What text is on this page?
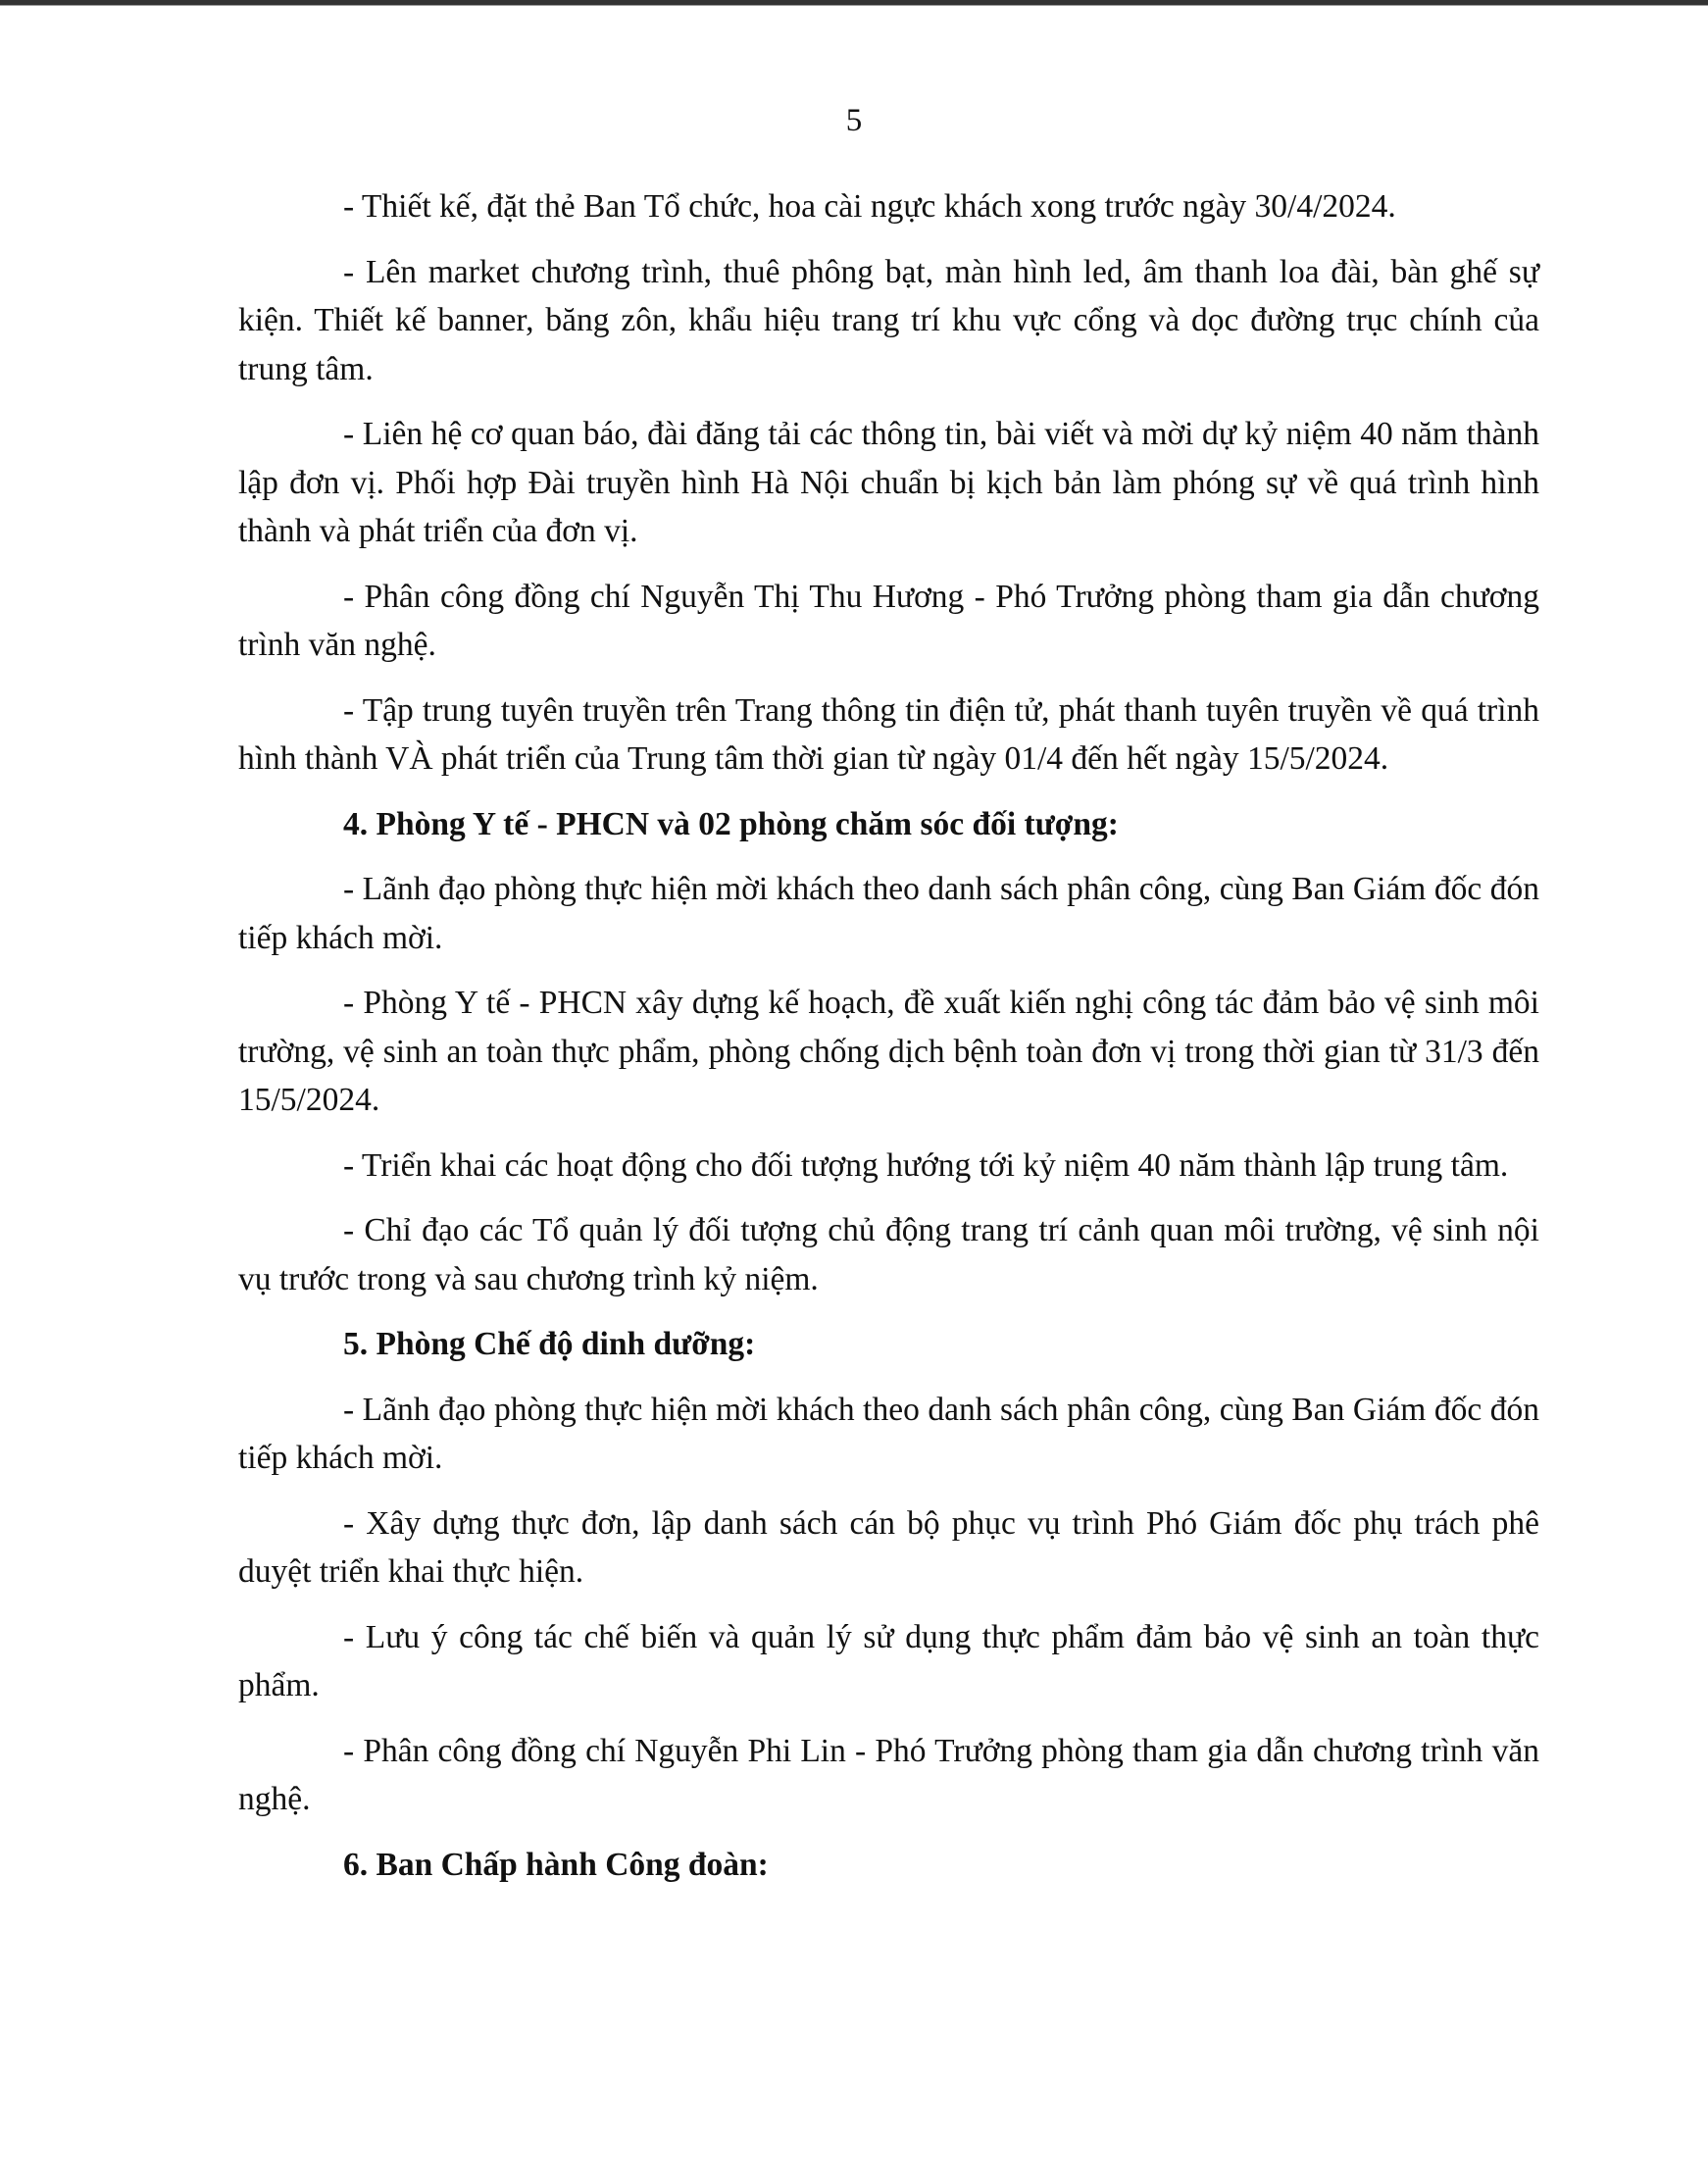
5

- Thiết kế, đặt thẻ Ban Tổ chức, hoa cài ngực khách xong trước ngày 30/4/2024.

- Lên market chương trình, thuê phông bạt, màn hình led, âm thanh loa đài, bàn ghế sự kiện. Thiết kế banner, băng zôn, khẩu hiệu trang trí khu vực cổng và dọc đường trục chính của trung tâm.

- Liên hệ cơ quan báo, đài đăng tải các thông tin, bài viết và mời dự kỷ niệm 40 năm thành lập đơn vị. Phối hợp Đài truyền hình Hà Nội chuẩn bị kịch bản làm phóng sự về quá trình hình thành và phát triển của đơn vị.

- Phân công đồng chí Nguyễn Thị Thu Hương - Phó Trưởng phòng tham gia dẫn chương trình văn nghệ.

- Tập trung tuyên truyền trên Trang thông tin điện tử, phát thanh tuyên truyền về quá trình hình thành VÀ phát triển của Trung tâm thời gian từ ngày 01/4 đến hết ngày 15/5/2024.

4. Phòng Y tế - PHCN và 02 phòng chăm sóc đối tượng:

- Lãnh đạo phòng thực hiện mời khách theo danh sách phân công, cùng Ban Giám đốc đón tiếp khách mời.

- Phòng Y tế - PHCN xây dựng kế hoạch, đề xuất kiến nghị công tác đảm bảo vệ sinh môi trường, vệ sinh an toàn thực phẩm, phòng chống dịch bệnh toàn đơn vị trong thời gian từ 31/3 đến 15/5/2024.

- Triển khai các hoạt động cho đối tượng hướng tới kỷ niệm 40 năm thành lập trung tâm.

- Chỉ đạo các Tổ quản lý đối tượng chủ động trang trí cảnh quan môi trường, vệ sinh nội vụ trước trong và sau chương trình kỷ niệm.

5. Phòng Chế độ dinh dưỡng:

- Lãnh đạo phòng thực hiện mời khách theo danh sách phân công, cùng Ban Giám đốc đón tiếp khách mời.

- Xây dựng thực đơn, lập danh sách cán bộ phục vụ trình Phó Giám đốc phụ trách phê duyệt triển khai thực hiện.

- Lưu ý công tác chế biến và quản lý sử dụng thực phẩm đảm bảo vệ sinh an toàn thực phẩm.

- Phân công đồng chí Nguyễn Phi Lin - Phó Trưởng phòng tham gia dẫn chương trình văn nghệ.

6. Ban Chấp hành Công đoàn:
